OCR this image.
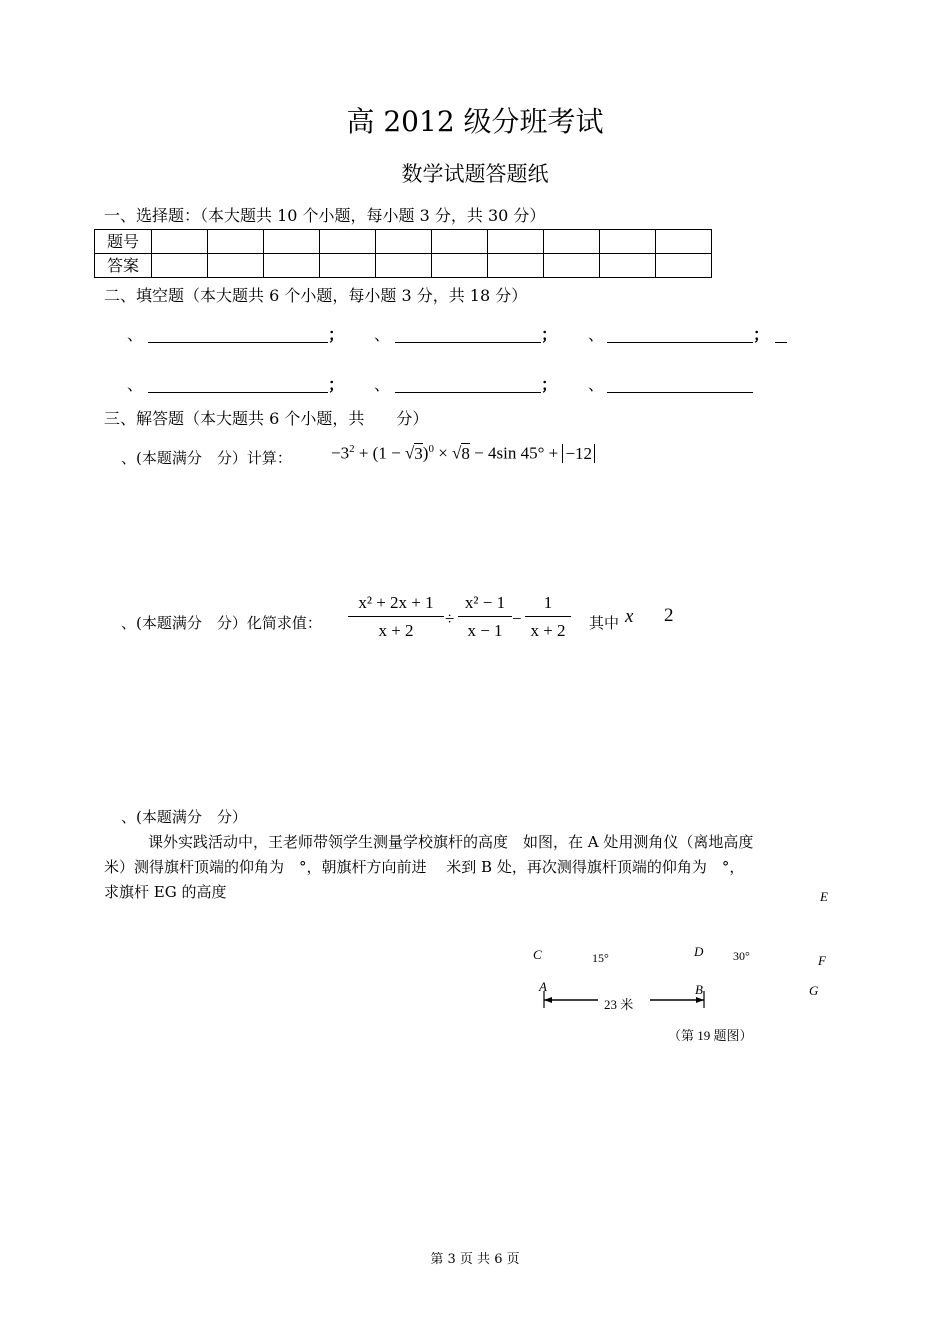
高 2012 级分班考试
数学试题答题纸
一、选择题：（本大题共 10 个小题，每小题 3 分，共 30 分）
题号										
答案										
二、填空题（本大题共 6 个小题，每小题 3 分，共 18 分）
、	； 、	； 、	；
、	； 、	； 、
三、解答题（本大题共 6 个小题，共　　分）
、(本题满分　分）计算： $-3^2 + (1 - √3)^0 \times √8 - 4\sin$ 45° + −12
、(本题满分　分）化简求值： $\frac{\text{x² + 2x + 1}}{x + 2} \div \frac{\text{x² − 1}}{x - 1} - \frac{1}{x + 2}$ 其中 x 2
、(本题满分　分）
课外实践活动中，王老师带领学生测量学校旗杆的高度　如图，在 A 处用测角仪（离地高度
米）测得旗杆顶端的仰角为　°，朝旗杆方向前进　 米到 B 处，再次测得旗杆顶端的仰角为　°，
求旗杆 EG 的高度	E
C	15°	D 30°	F
A	B	G
23 米
（第 19 题图）
第 3 页 共 6 页
